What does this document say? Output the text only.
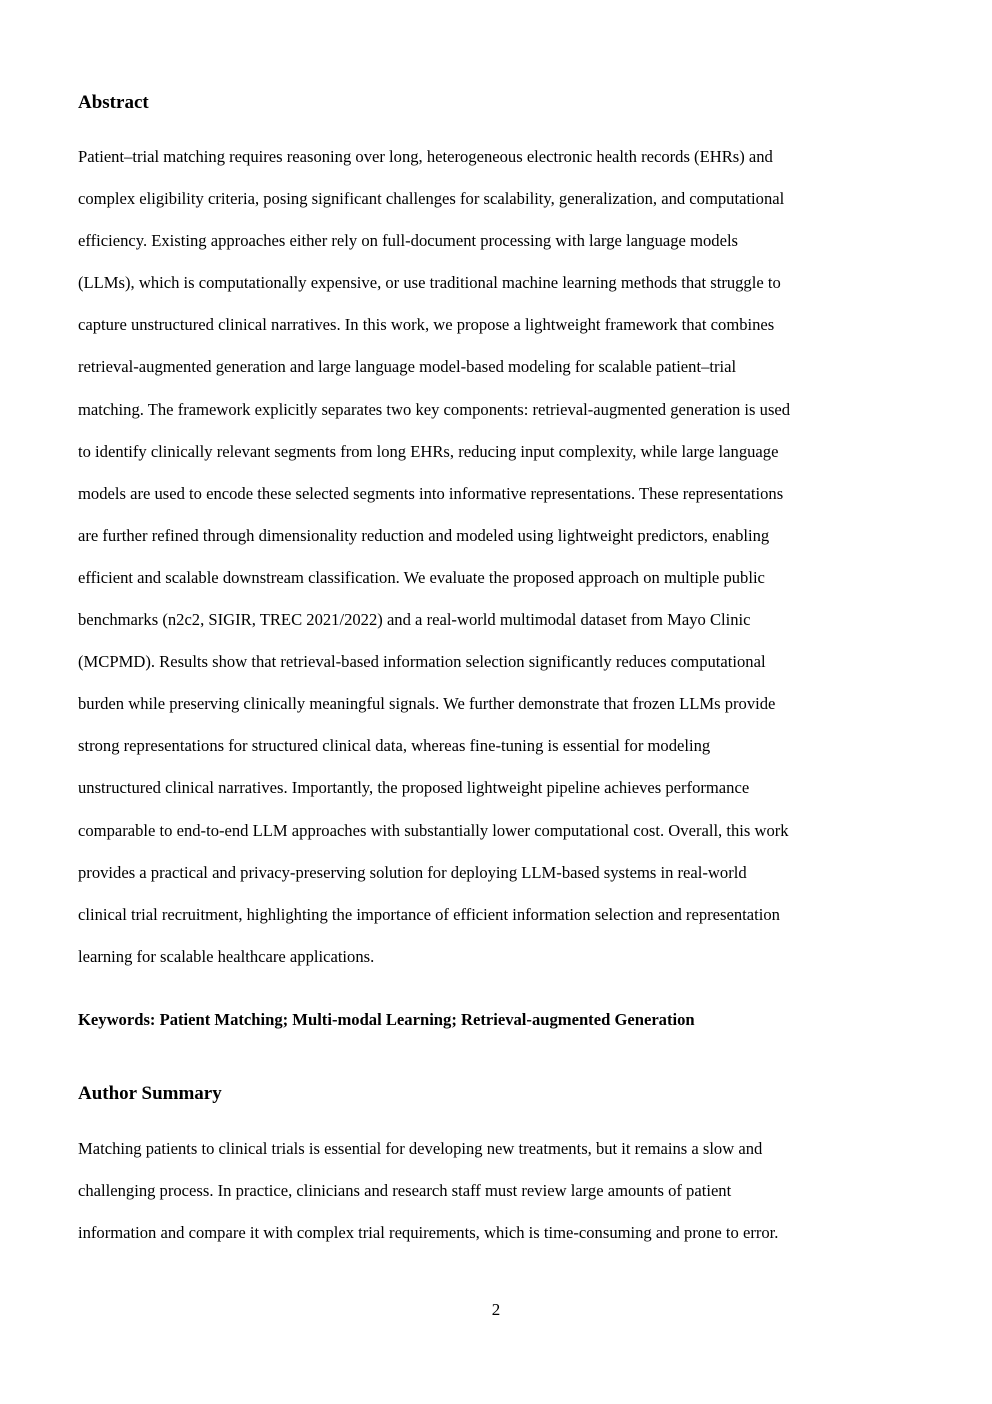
Abstract
Patient–trial matching requires reasoning over long, heterogeneous electronic health records (EHRs) and
complex eligibility criteria, posing significant challenges for scalability, generalization, and computational
efficiency. Existing approaches either rely on full-document processing with large language models
(LLMs), which is computationally expensive, or use traditional machine learning methods that struggle to
capture unstructured clinical narratives. In this work, we propose a lightweight framework that combines
retrieval-augmented generation and large language model-based modeling for scalable patient–trial
matching. The framework explicitly separates two key components: retrieval-augmented generation is used
to identify clinically relevant segments from long EHRs, reducing input complexity, while large language
models are used to encode these selected segments into informative representations. These representations
are further refined through dimensionality reduction and modeled using lightweight predictors, enabling
efficient and scalable downstream classification. We evaluate the proposed approach on multiple public
benchmarks (n2c2, SIGIR, TREC 2021/2022) and a real-world multimodal dataset from Mayo Clinic
(MCPMD). Results show that retrieval-based information selection significantly reduces computational
burden while preserving clinically meaningful signals. We further demonstrate that frozen LLMs provide
strong representations for structured clinical data, whereas fine-tuning is essential for modeling
unstructured clinical narratives. Importantly, the proposed lightweight pipeline achieves performance
comparable to end-to-end LLM approaches with substantially lower computational cost. Overall, this work
provides a practical and privacy-preserving solution for deploying LLM-based systems in real-world
clinical trial recruitment, highlighting the importance of efficient information selection and representation
learning for scalable healthcare applications.

Keywords: Patient Matching; Multi-modal Learning; Retrieval-augmented Generation

Author Summary
Matching patients to clinical trials is essential for developing new treatments, but it remains a slow and
challenging process. In practice, clinicians and research staff must review large amounts of patient
information and compare it with complex trial requirements, which is time-consuming and prone to error.

2
